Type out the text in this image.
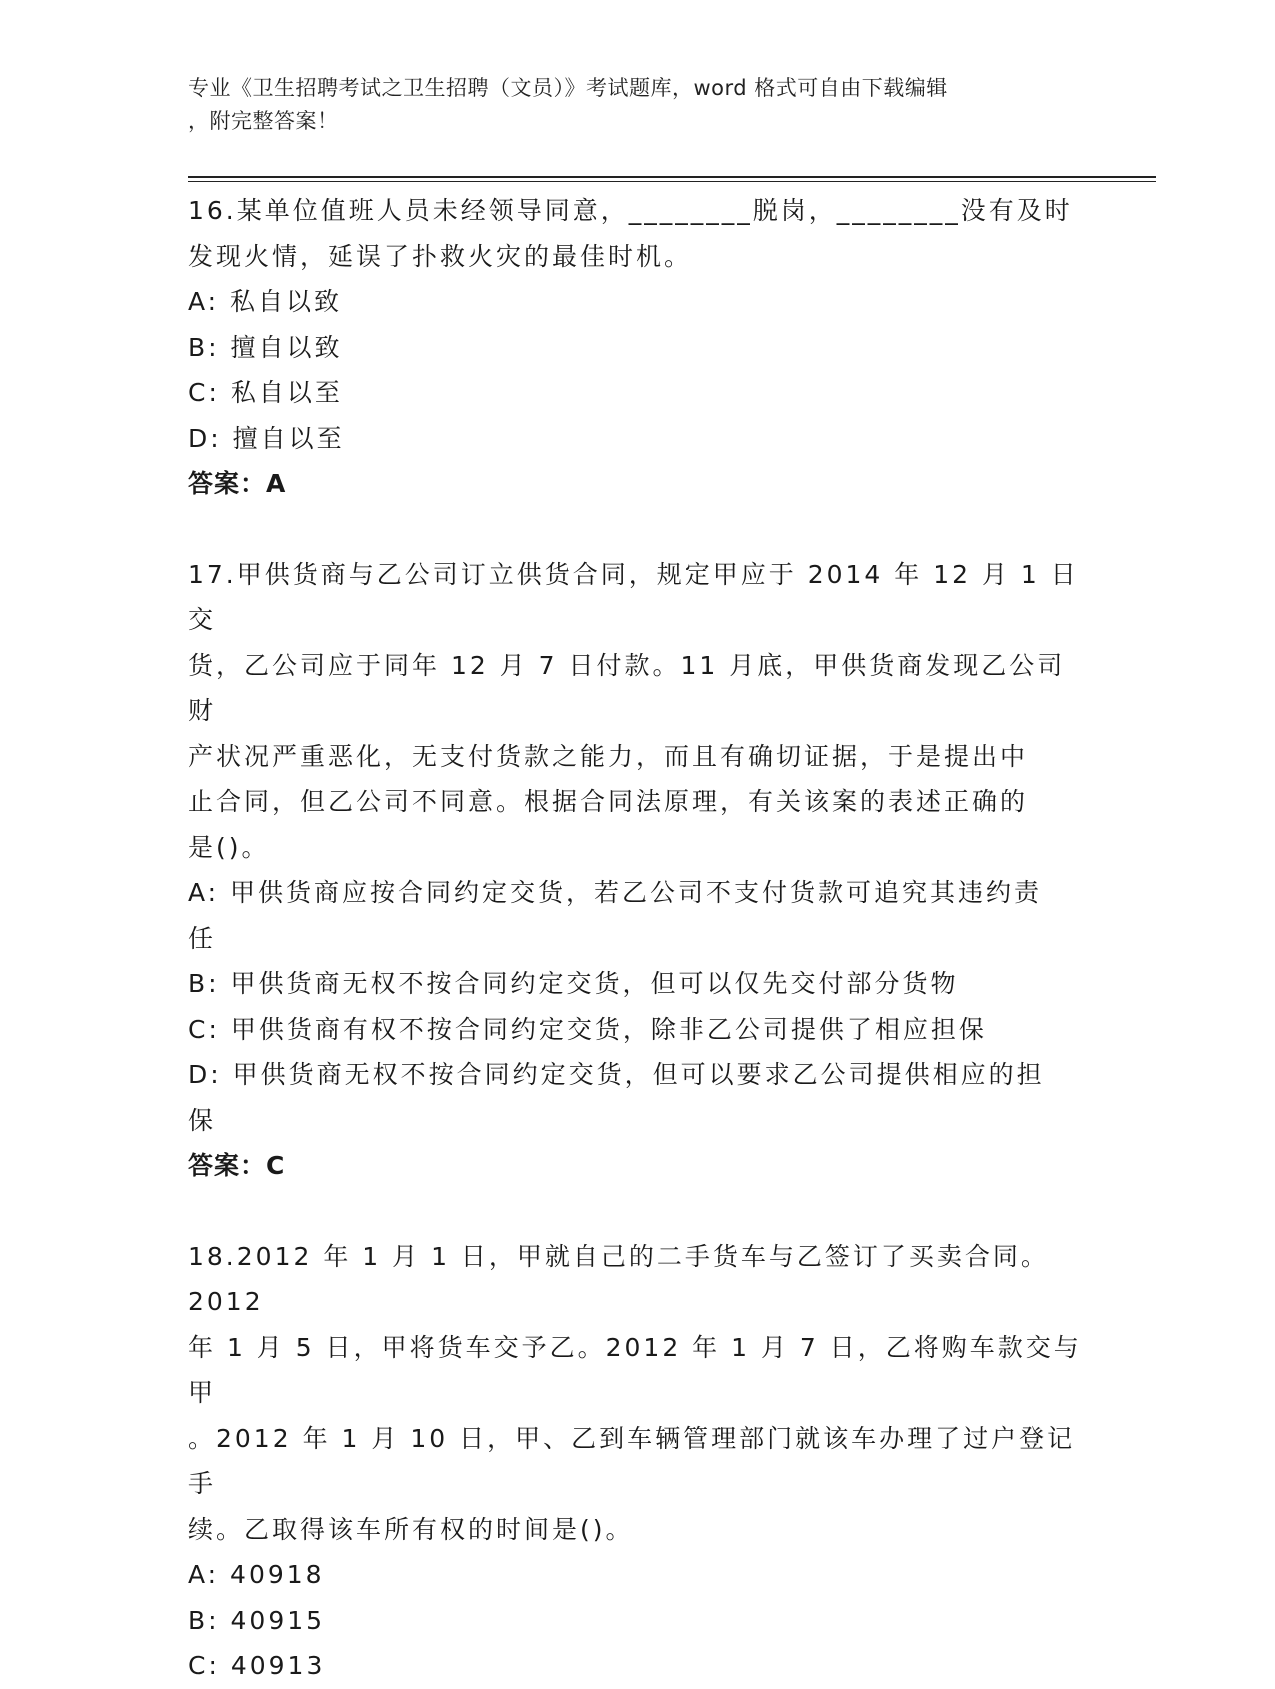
专业《卫生招聘考试之卫生招聘（文员）》考试题库，word 格式可自由下载编辑
，附完整答案！

16.某单位值班人员未经领导同意，________脱岗，________没有及时

发现火情，延误了扑救火灾的最佳时机。

A: 私自以致

B: 擅自以致

C: 私自以至

D: 擅自以至

答案：A

17.甲供货商与乙公司订立供货合同，规定甲应于 2014 年 12 月 1 日交

货，乙公司应于同年 12 月 7 日付款。11 月底，甲供货商发现乙公司财

产状况严重恶化，无支付货款之能力，而且有确切证据，于是提出中

止合同，但乙公司不同意。根据合同法原理，有关该案的表述正确的

是()。

A: 甲供货商应按合同约定交货，若乙公司不支付货款可追究其违约责

任

B: 甲供货商无权不按合同约定交货，但可以仅先交付部分货物

C: 甲供货商有权不按合同约定交货，除非乙公司提供了相应担保

D: 甲供货商无权不按合同约定交货，但可以要求乙公司提供相应的担

保

答案：C

18.2012 年 1 月 1 日，甲就自己的二手货车与乙签订了买卖合同。2012

年 1 月 5 日，甲将货车交予乙。2012 年 1 月 7 日，乙将购车款交与甲

。2012 年 1 月 10 日，甲、乙到车辆管理部门就该车办理了过户登记手

续。乙取得该车所有权的时间是()。

A: 40918

B: 40915

C: 40913
